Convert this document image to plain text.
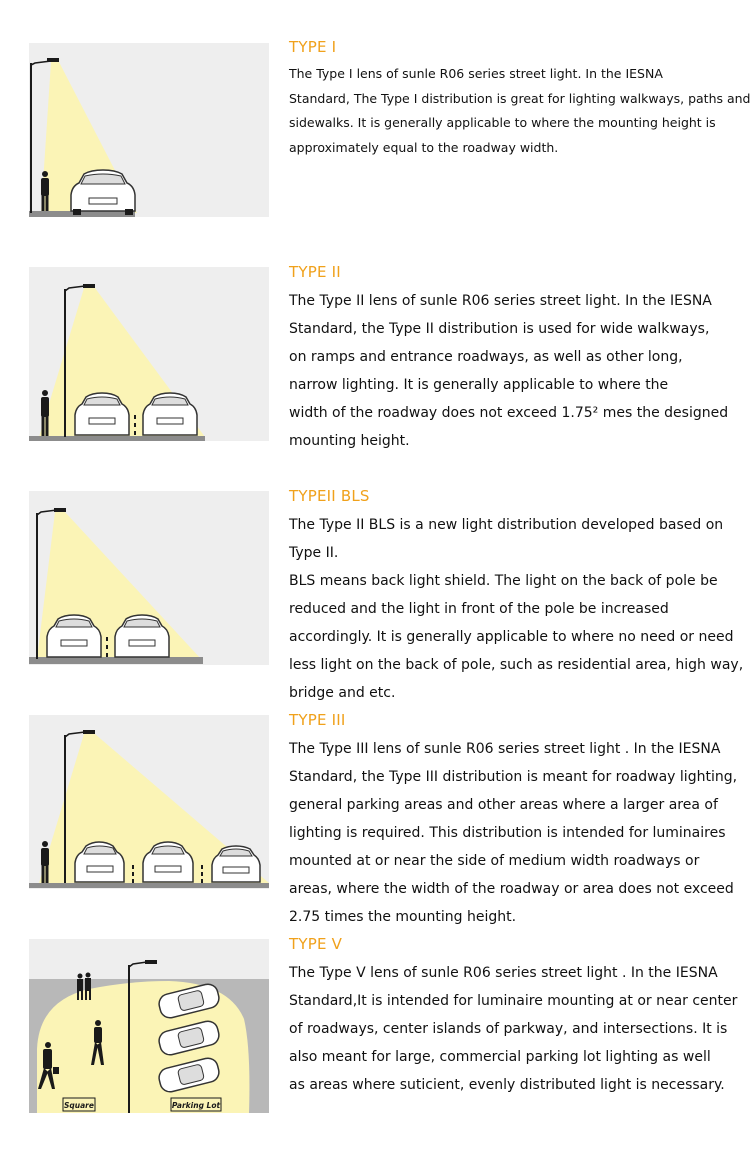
TYPE I

The Type I lens of sunle R06 series street light. In the IESNA
Standard, The Type I distribution is great for lighting walkways, paths and
sidewalks. It is generally applicable to where the mounting height is
approximately equal to the roadway width.

TYPE II

The Type II lens of sunle R06 series street light. In the IESNA
Standard, the Type II distribution is used for wide walkways,
on ramps and entrance roadways, as well as other long,
narrow lighting. It is generally applicable to where the
width of the roadway does not exceed 1.75² mes the designed
mounting height.

TYPEII BLS

The Type II BLS is a new light distribution developed based on
Type II.
BLS means back light shield. The light on the back of pole be
reduced and the light in front of the pole be increased
accordingly. It is generally applicable to where no need or need
less light on the back of pole, such as residential area, high way,
bridge and etc.

TYPE III

The Type III lens of sunle R06 series street light . In the IESNA
Standard, the Type III distribution is meant for roadway lighting,
general parking areas and other areas where a larger area of
lighting is required. This distribution is intended for luminaires
mounted at or near the side of medium width roadways or
areas, where the width of the roadway or area does not exceed
2.75 times the mounting height.

Square	Parking Lot
TYPE V

The Type V lens of sunle R06 series street light . In the IESNA
Standard,It is intended for luminaire mounting at or near center
of roadways, center islands of parkway, and intersections. It is
also meant for large, commercial parking lot lighting as well
as areas where suticient, evenly distributed light is necessary.
